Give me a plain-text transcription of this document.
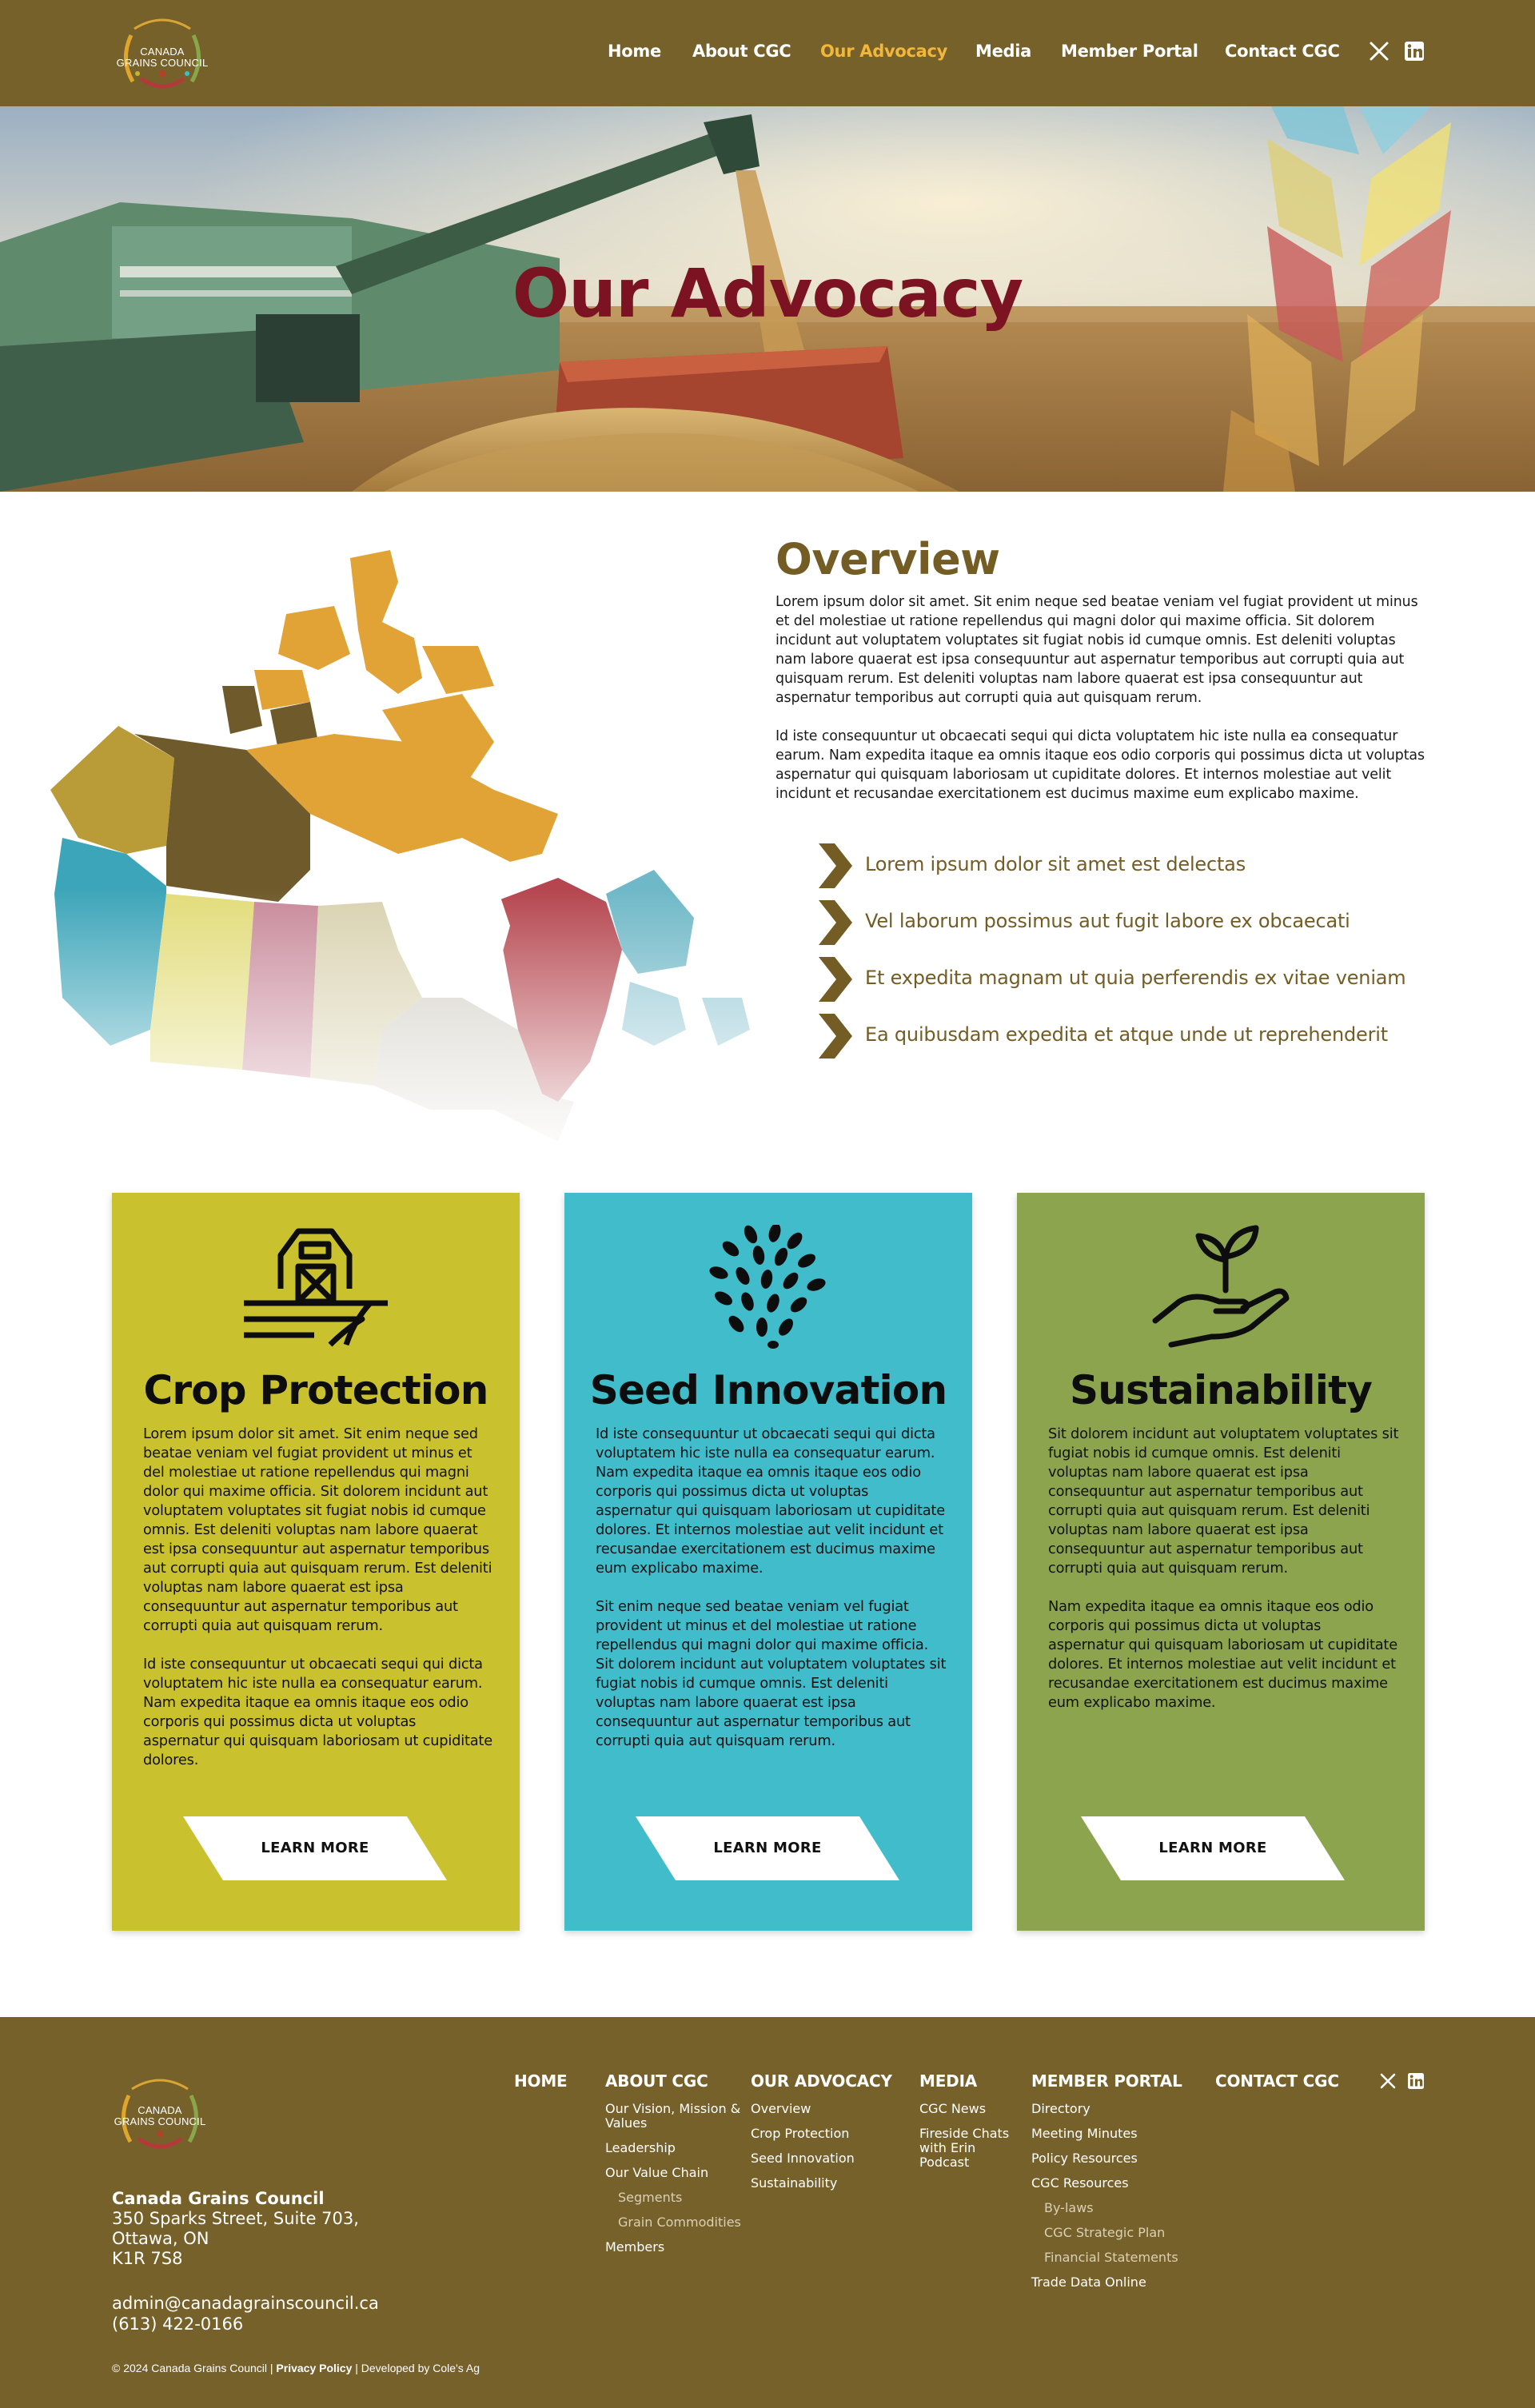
CANADA
GRAINS COUNCIL
Home About CGC Our Advocacy Media Member Portal Contact CGC
Our Advocacy
Overview

Lorem ipsum dolor sit amet. Sit enim neque sed beatae veniam vel fugiat provident ut minus et del molestiae ut ratione repellendus qui magni dolor qui maxime officia. Sit dolorem incidunt aut voluptatem voluptates sit fugiat nobis id cumque omnis. Est deleniti voluptas nam labore quaerat est ipsa consequuntur aut aspernatur temporibus aut corrupti quia aut quisquam rerum. Est deleniti voluptas nam labore quaerat est ipsa consequuntur aut aspernatur temporibus aut corrupti quia aut quisquam rerum.

Id iste consequuntur ut obcaecati sequi qui dicta voluptatem hic iste nulla ea consequatur earum. Nam expedita itaque ea omnis itaque eos odio corporis qui possimus dicta ut voluptas aspernatur qui quisquam laboriosam ut cupiditate dolores. Et internos molestiae aut velit incidunt et recusandae exercitationem est ducimus maxime eum explicabo maxime.

Lorem ipsum dolor sit amet est delectas
Vel laborum possimus aut fugit labore ex obcaecati
Et expedita magnam ut quia perferendis ex vitae veniam
Ea quibusdam expedita et atque unde ut reprehenderit
Crop Protection

Lorem ipsum dolor sit amet. Sit enim neque sed beatae veniam vel fugiat provident ut minus et del molestiae ut ratione repellendus qui magni dolor qui maxime officia. Sit dolorem incidunt aut voluptatem voluptates sit fugiat nobis id cumque omnis. Est deleniti voluptas nam labore quaerat est ipsa consequuntur aut aspernatur temporibus aut corrupti quia aut quisquam rerum. Est deleniti voluptas nam labore quaerat est ipsa consequuntur aut aspernatur temporibus aut corrupti quia aut quisquam rerum.

Id iste consequuntur ut obcaecati sequi qui dicta voluptatem hic iste nulla ea consequatur earum. Nam expedita itaque ea omnis itaque eos odio corporis qui possimus dicta ut voluptas aspernatur qui quisquam laboriosam ut cupiditate dolores.

LEARN MORE
Seed Innovation

Id iste consequuntur ut obcaecati sequi qui dicta voluptatem hic iste nulla ea consequatur earum. Nam expedita itaque ea omnis itaque eos odio corporis qui possimus dicta ut voluptas aspernatur qui quisquam laboriosam ut cupiditate dolores. Et internos molestiae aut velit incidunt et recusandae exercitationem est ducimus maxime eum explicabo maxime.

Sit enim neque sed beatae veniam vel fugiat provident ut minus et del molestiae ut ratione repellendus qui magni dolor qui maxime officia. Sit dolorem incidunt aut voluptatem voluptates sit fugiat nobis id cumque omnis. Est deleniti voluptas nam labore quaerat est ipsa consequuntur aut aspernatur temporibus aut corrupti quia aut quisquam rerum.

LEARN MORE
Sustainability

Sit dolorem incidunt aut voluptatem voluptates sit fugiat nobis id cumque omnis. Est deleniti voluptas nam labore quaerat est ipsa consequuntur aut aspernatur temporibus aut corrupti quia aut quisquam rerum. Est deleniti voluptas nam labore quaerat est ipsa consequuntur aut aspernatur temporibus aut corrupti quia aut quisquam rerum.

Nam expedita itaque ea omnis itaque eos odio corporis qui possimus dicta ut voluptas aspernatur qui quisquam laboriosam ut cupiditate dolores. Et internos molestiae aut velit incidunt et recusandae exercitationem est ducimus maxime eum explicabo maxime.

LEARN MORE
CANADA
GRAINS COUNCIL
Canada Grains Council
350 Sparks Street, Suite 703,
Ottawa, ON
K1R 7S8
admin@canadagrainscouncil.ca
(613) 422-0166
HOME ABOUT CGC
Our Vision, Mission & Values
Leadership
Our Value Chain
Segments
Grain Commodities
Members
OUR ADVOCACY
Overview
Crop Protection
Seed Innovation
Sustainability
MEDIA
CGC News
Fireside Chats with Erin Podcast
MEMBER PORTAL
Directory
Meeting Minutes
Policy Resources
CGC Resources
By-laws
CGC Strategic Plan
Financial Statements
Trade Data Online
CONTACT CGC
© 2024 Canada Grains Council | Privacy Policy | Developed by Cole's Ag
